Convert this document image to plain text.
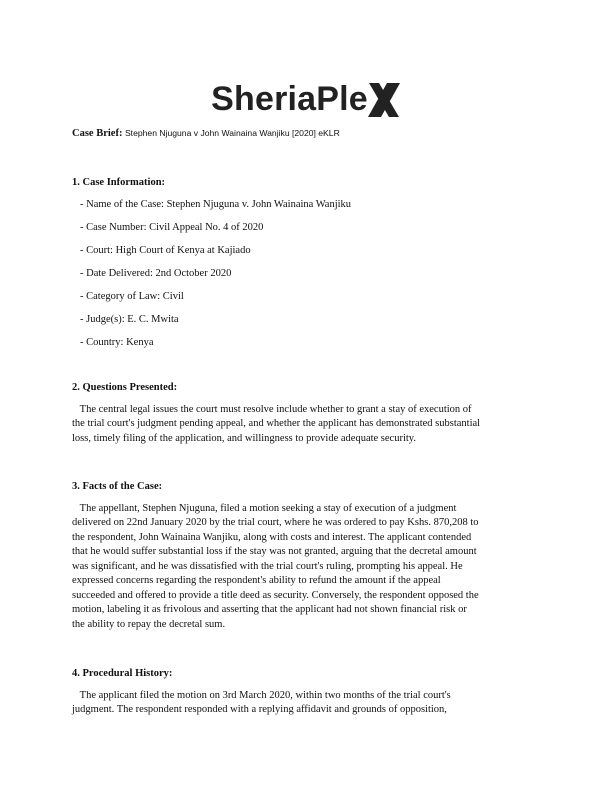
SheriaPle
Case Brief: Stephen Njuguna v John Wainaina Wanjiku [2020] eKLR
1. Case Information:
- Name of the Case: Stephen Njuguna v. John Wainaina Wanjiku
- Case Number: Civil Appeal No. 4 of 2020
- Court: High Court of Kenya at Kajiado
- Date Delivered: 2nd October 2020
- Category of Law: Civil
- Judge(s): E. C. Mwita
- Country: Kenya
2. Questions Presented:
The central legal issues the court must resolve include whether to grant a stay of execution of
the trial court's judgment pending appeal, and whether the applicant has demonstrated substantial
loss, timely filing of the application, and willingness to provide adequate security.
3. Facts of the Case:
The appellant, Stephen Njuguna, filed a motion seeking a stay of execution of a judgment
delivered on 22nd January 2020 by the trial court, where he was ordered to pay Kshs. 870,208 to
the respondent, John Wainaina Wanjiku, along with costs and interest. The applicant contended
that he would suffer substantial loss if the stay was not granted, arguing that the decretal amount
was significant, and he was dissatisfied with the trial court's ruling, prompting his appeal. He
expressed concerns regarding the respondent's ability to refund the amount if the appeal
succeeded and offered to provide a title deed as security. Conversely, the respondent opposed the
motion, labeling it as frivolous and asserting that the applicant had not shown financial risk or
the ability to repay the decretal sum.
4. Procedural History:
The applicant filed the motion on 3rd March 2020, within two months of the trial court's
judgment. The respondent responded with a replying affidavit and grounds of opposition,
